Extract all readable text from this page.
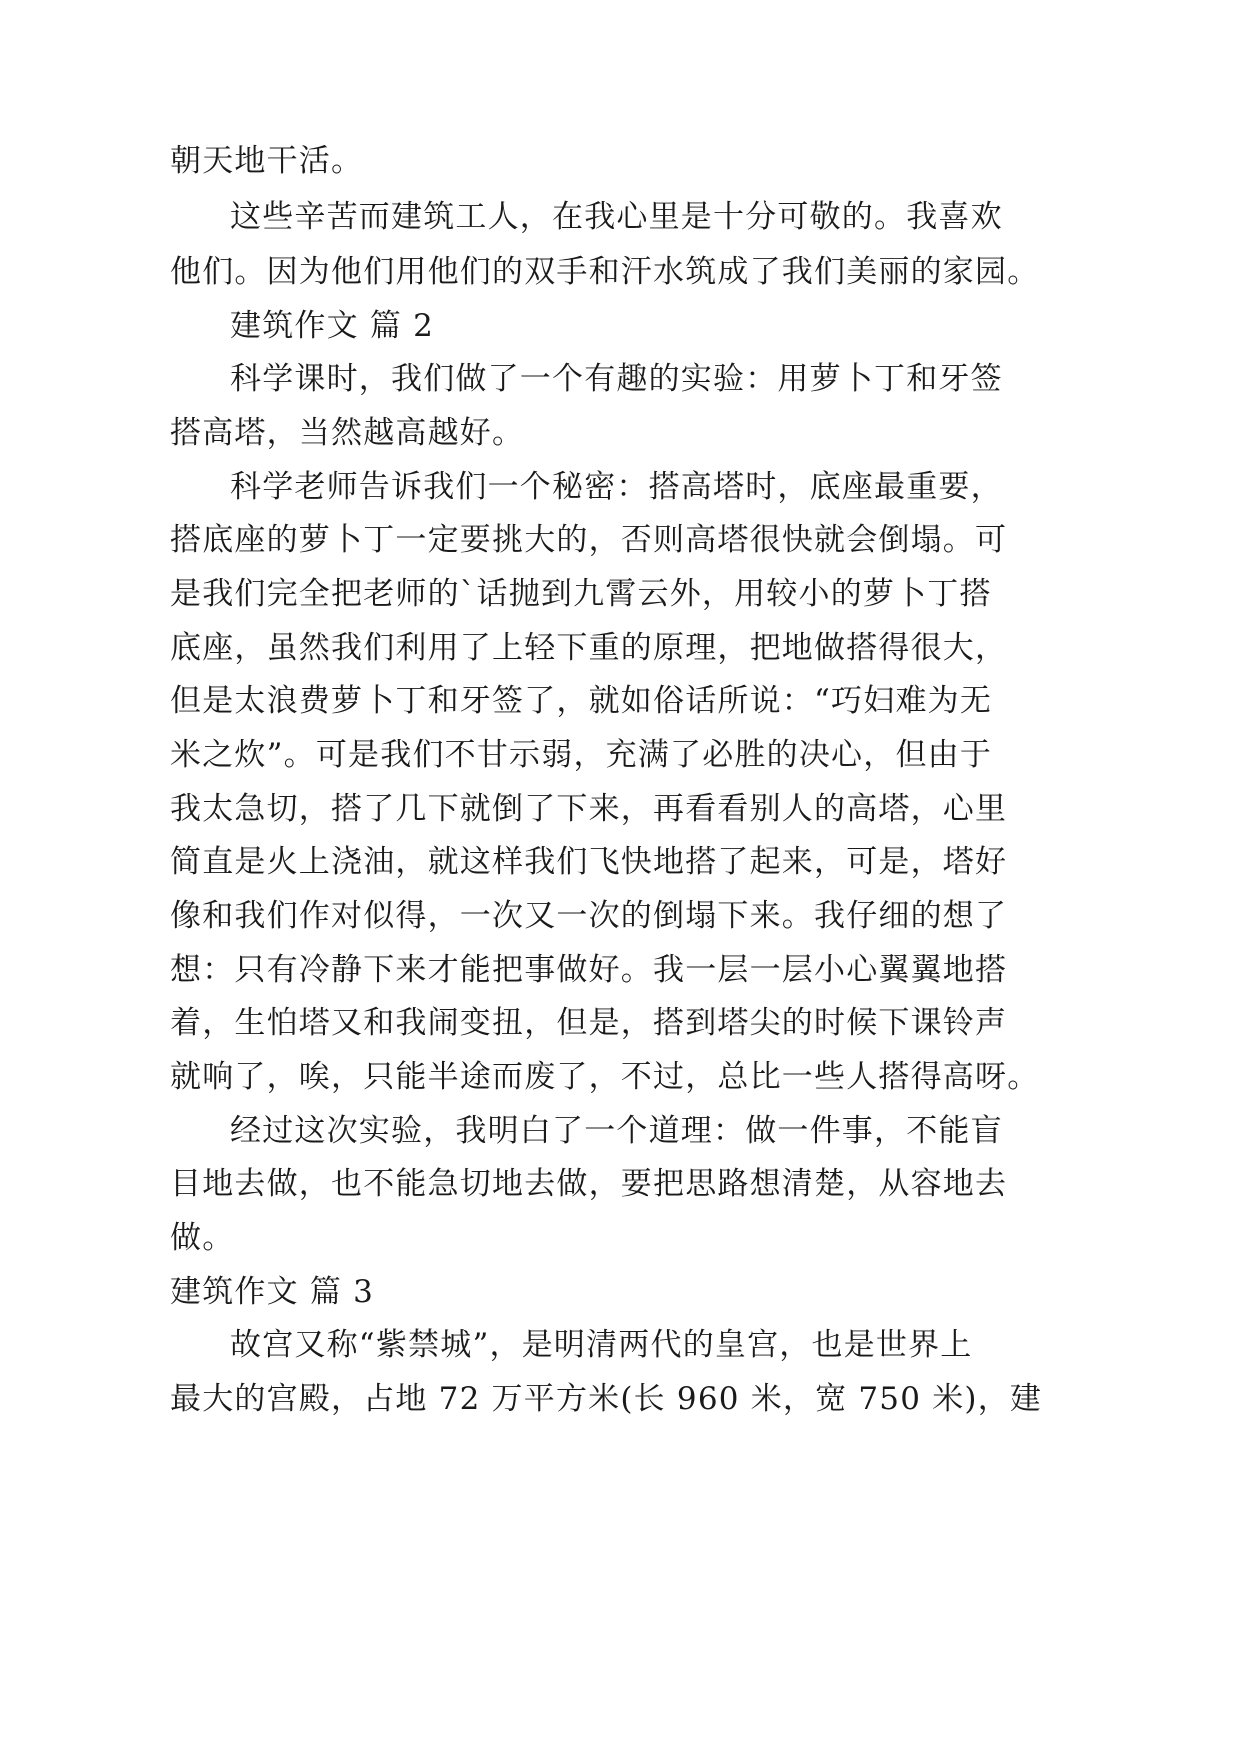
朝天地干活。
这些辛苦而建筑工人，在我心里是十分可敬的。我喜欢
他们。因为他们用他们的双手和汗水筑成了我们美丽的家园。
建筑作文 篇 2
科学课时，我们做了一个有趣的实验：用萝卜丁和牙签
搭高塔，当然越高越好。
科学老师告诉我们一个秘密：搭高塔时，底座最重要，
搭底座的萝卜丁一定要挑大的，否则高塔很快就会倒塌。可
是我们完全把老师的`话抛到九霄云外，用较小的萝卜丁搭
底座，虽然我们利用了上轻下重的原理，把地做搭得很大，
但是太浪费萝卜丁和牙签了，就如俗话所说：“巧妇难为无
米之炊”。可是我们不甘示弱，充满了必胜的决心，但由于
我太急切，搭了几下就倒了下来，再看看别人的高塔，心里
简直是火上浇油，就这样我们飞快地搭了起来，可是，塔好
像和我们作对似得，一次又一次的倒塌下来。我仔细的想了
想：只有冷静下来才能把事做好。我一层一层小心翼翼地搭
着，生怕塔又和我闹变扭，但是，搭到塔尖的时候下课铃声
就响了，唉，只能半途而废了，不过，总比一些人搭得高呀。
经过这次实验，我明白了一个道理：做一件事，不能盲
目地去做，也不能急切地去做，要把思路想清楚，从容地去
做。
建筑作文 篇 3
故宫又称“紫禁城”，是明清两代的皇宫，也是世界上
最大的宫殿，占地 72 万平方米(长 960 米，宽 750 米)，建
